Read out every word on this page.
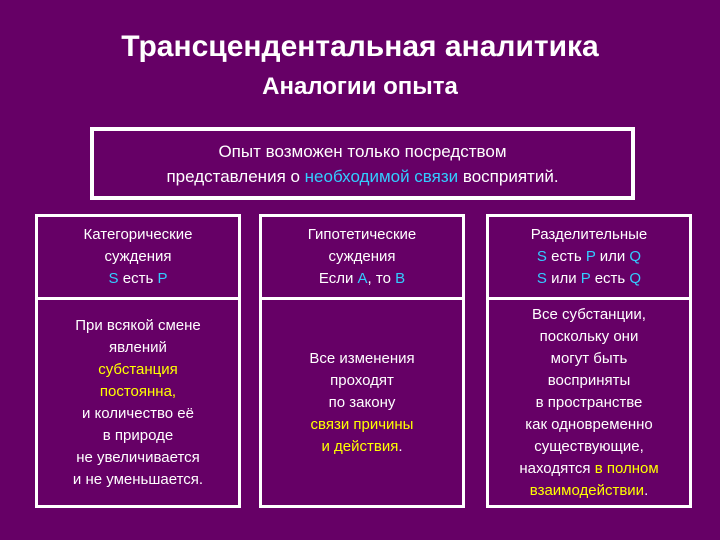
Трансцендентальная аналитика
Аналогии опыта
Опыт возможен только посредством
представления о необходимой связи восприятий.
Категорические
суждения
S есть P
При всякой смене
явлений
субстанция
постоянна,
и количество её
в природе
не увеличивается
и не уменьшается.
Гипотетические
суждения
Если A, то B
Все изменения
проходят
по закону
связи причины
и действия.
Разделительные
S есть P или Q
S или P есть Q
Все субстанции,
поскольку они
могут быть
восприняты
в пространстве
как одновременно
существующие,
находятся в полном
взаимодействии.
